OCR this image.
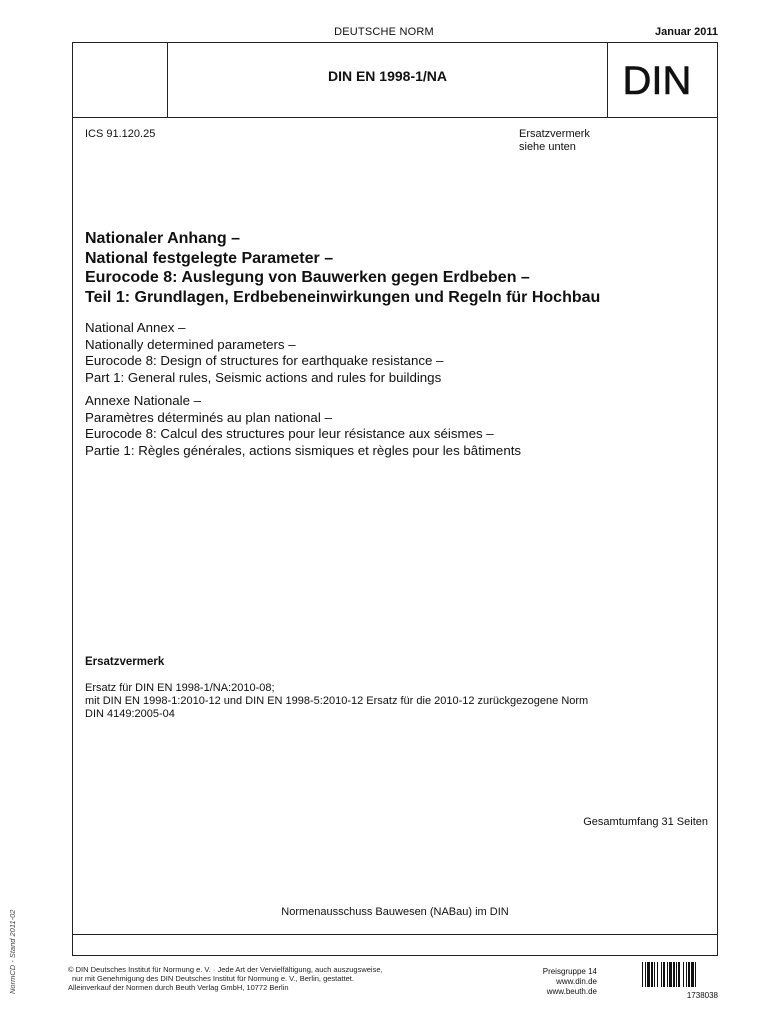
DEUTSCHE NORM	Januar 2011
DIN EN 1998-1/NA	DIN
ICS 91.120.25	Ersatzvermerk
siehe unten
Nationaler Anhang –
National festgelegte Parameter –
Eurocode 8: Auslegung von Bauwerken gegen Erdbeben –
Teil 1: Grundlagen, Erdbebeneinwirkungen und Regeln für Hochbau
National Annex –
Nationally determined parameters –
Eurocode 8: Design of structures for earthquake resistance –
Part 1: General rules, Seismic actions and rules for buildings
Annexe Nationale –
Paramètres déterminés au plan national –
Eurocode 8: Calcul des structures pour leur résistance aux séismes –
Partie 1: Règles générales, actions sismiques et règles pour les bâtiments
Ersatzvermerk
Ersatz für DIN EN 1998-1/NA:2010-08;
mit DIN EN 1998-1:2010-12 und DIN EN 1998-5:2010-12 Ersatz für die 2010-12 zurückgezogene Norm
DIN 4149:2005-04
Gesamtumfang 31 Seiten
Normenausschuss Bauwesen (NABau) im DIN
NormCD - Stand 2011-02	© DIN Deutsches Institut für Normung e. V. · Jede Art der Vervielfältigung, auch auszugsweise,
nur mit Genehmigung des DIN Deutsches Institut für Normung e. V., Berlin, gestattet.
Alleinverkauf der Normen durch Beuth Verlag GmbH, 10772 Berlin
Preisgruppe 14
www.din.de
www.beuth.de	1738038
